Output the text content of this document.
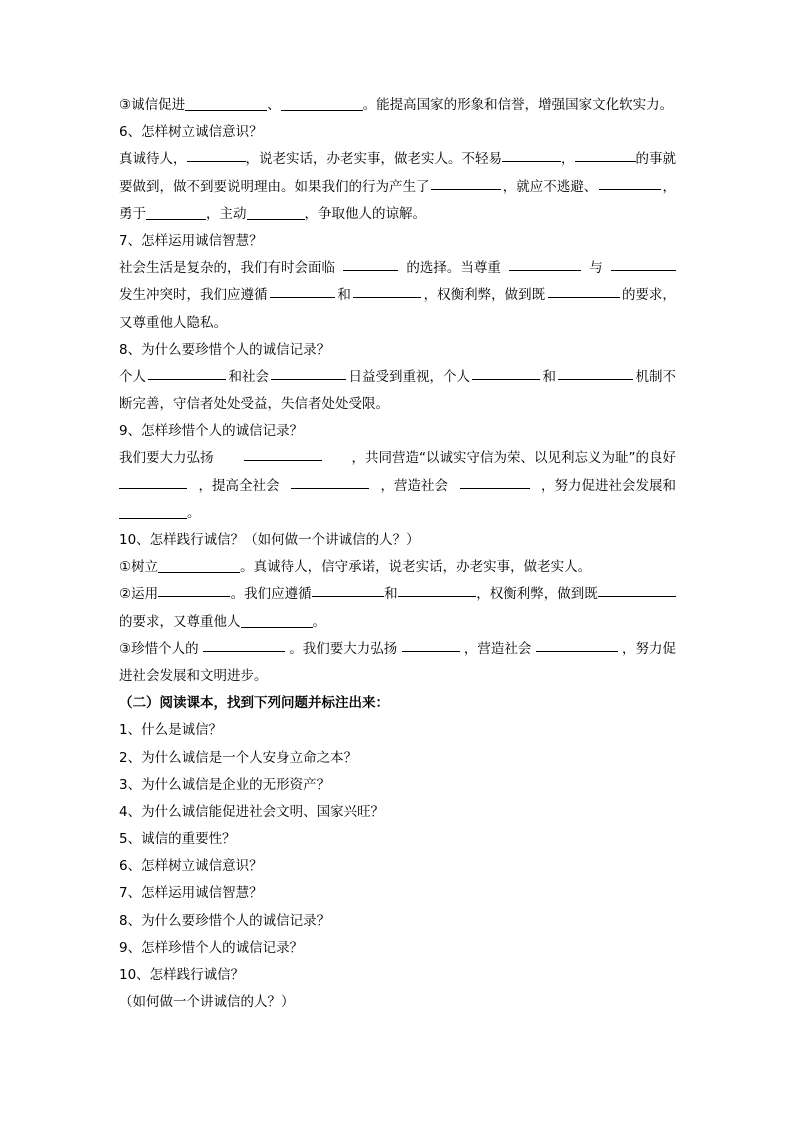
③诚信促进	、	。能提高国家的形象和信誉，增强国家文化软实力。
6、怎样树立诚信意识？
真诚待人，	，说老实话，办老实事，做老实人。不轻易	，	的事就
要做到，做不到要说明理由。如果我们的行为产生了	，就应不逃避、	，
勇于	，主动	，争取他人的谅解。
7、怎样运用诚信智慧？
社会生活是复杂的，我们有时会面临	的选择。当尊重	与
发生冲突时，我们应遵循	和	，权衡利弊，做到既	的要求，
又尊重他人隐私。
8、为什么要珍惜个人的诚信记录？
个人	和社会	日益受到重视，个人	和	机制不
断完善，守信者处处受益，失信者处处受限。
9、怎样珍惜个人的诚信记录？
我们要大力弘扬	，共同营造“以诚实守信为荣、以见利忘义为耻”的良好
，提高全社会	，营造社会	，努力促进社会发展和
。
10、怎样践行诚信？（如何做一个讲诚信的人？）
①树立	。真诚待人，信守承诺，说老实话，办老实事，做老实人。
②运用	。我们应遵循	和	，权衡利弊，做到既
的要求，又尊重他人	。
③珍惜个人的	。我们要大力弘扬	，营造社会	，努力促
进社会发展和文明进步。
（二）阅读课本，找到下列问题并标注出来：
1、什么是诚信？
2、为什么诚信是一个人安身立命之本？
3、为什么诚信是企业的无形资产？
4、为什么诚信能促进社会文明、国家兴旺？
5、诚信的重要性？
6、怎样树立诚信意识？
7、怎样运用诚信智慧？
8、为什么要珍惜个人的诚信记录？
9、怎样珍惜个人的诚信记录？
10、怎样践行诚信？
（如何做一个讲诚信的人？）
